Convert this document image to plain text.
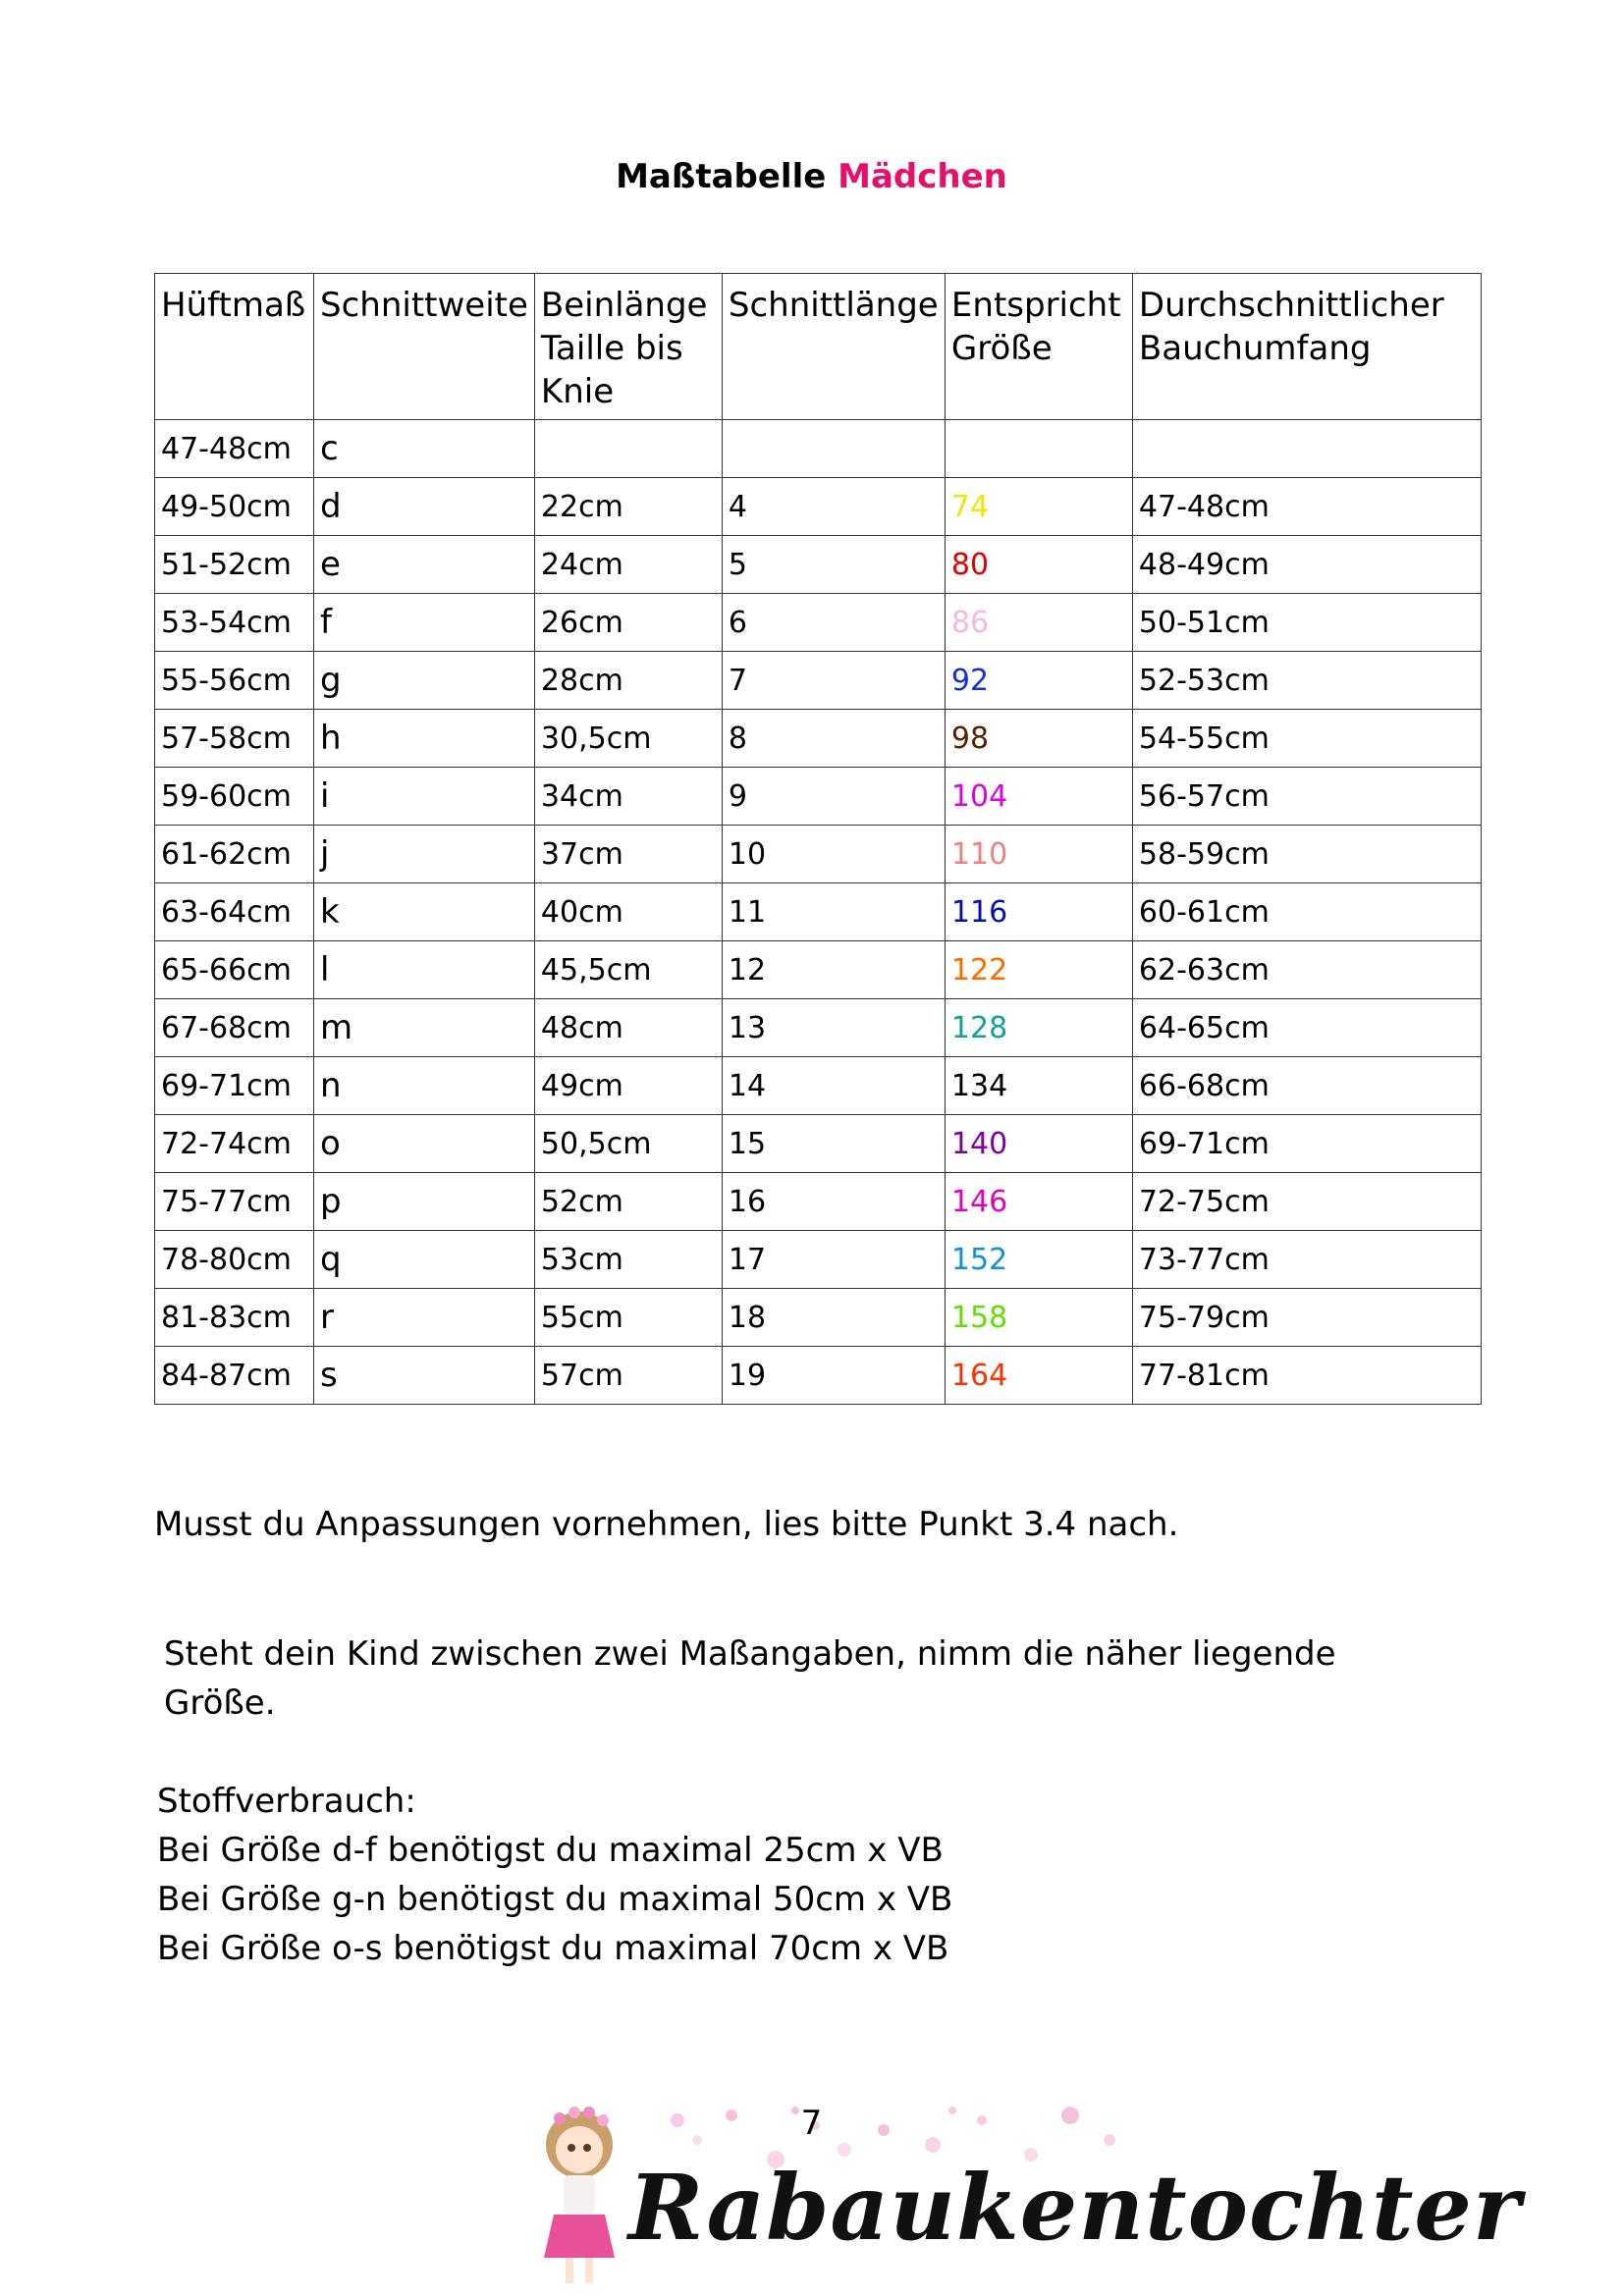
Maßtabelle Mädchen
Hüftmaß	Schnittweite	Beinlänge Taille bis Knie	Schnittlänge	Entspricht Größe	Durchschnittlicher Bauchumfang
47-48cm	c				
49-50cm	d	22cm	4	74	47-48cm
51-52cm	e	24cm	5	80	48-49cm
53-54cm	f	26cm	6	86	50-51cm
55-56cm	g	28cm	7	92	52-53cm
57-58cm	h	30,5cm	8	98	54-55cm
59-60cm	i	34cm	9	104	56-57cm
61-62cm	j	37cm	10	110	58-59cm
63-64cm	k	40cm	11	116	60-61cm
65-66cm	l	45,5cm	12	122	62-63cm
67-68cm	m	48cm	13	128	64-65cm
69-71cm	n	49cm	14	134	66-68cm
72-74cm	o	50,5cm	15	140	69-71cm
75-77cm	p	52cm	16	146	72-75cm
78-80cm	q	53cm	17	152	73-77cm
81-83cm	r	55cm	18	158	75-79cm
84-87cm	s	57cm	19	164	77-81cm
Musst du Anpassungen vornehmen, lies bitte Punkt 3.4 nach.
Steht dein Kind zwischen zwei Maßangaben, nimm die näher liegende
Größe.
Stoffverbrauch:
Bei Größe d-f benötigst du maximal 25cm x VB
Bei Größe g-n benötigst du maximal 50cm x VB
Bei Größe o-s benötigst du maximal 70cm x VB
7
Rabaukentochter
